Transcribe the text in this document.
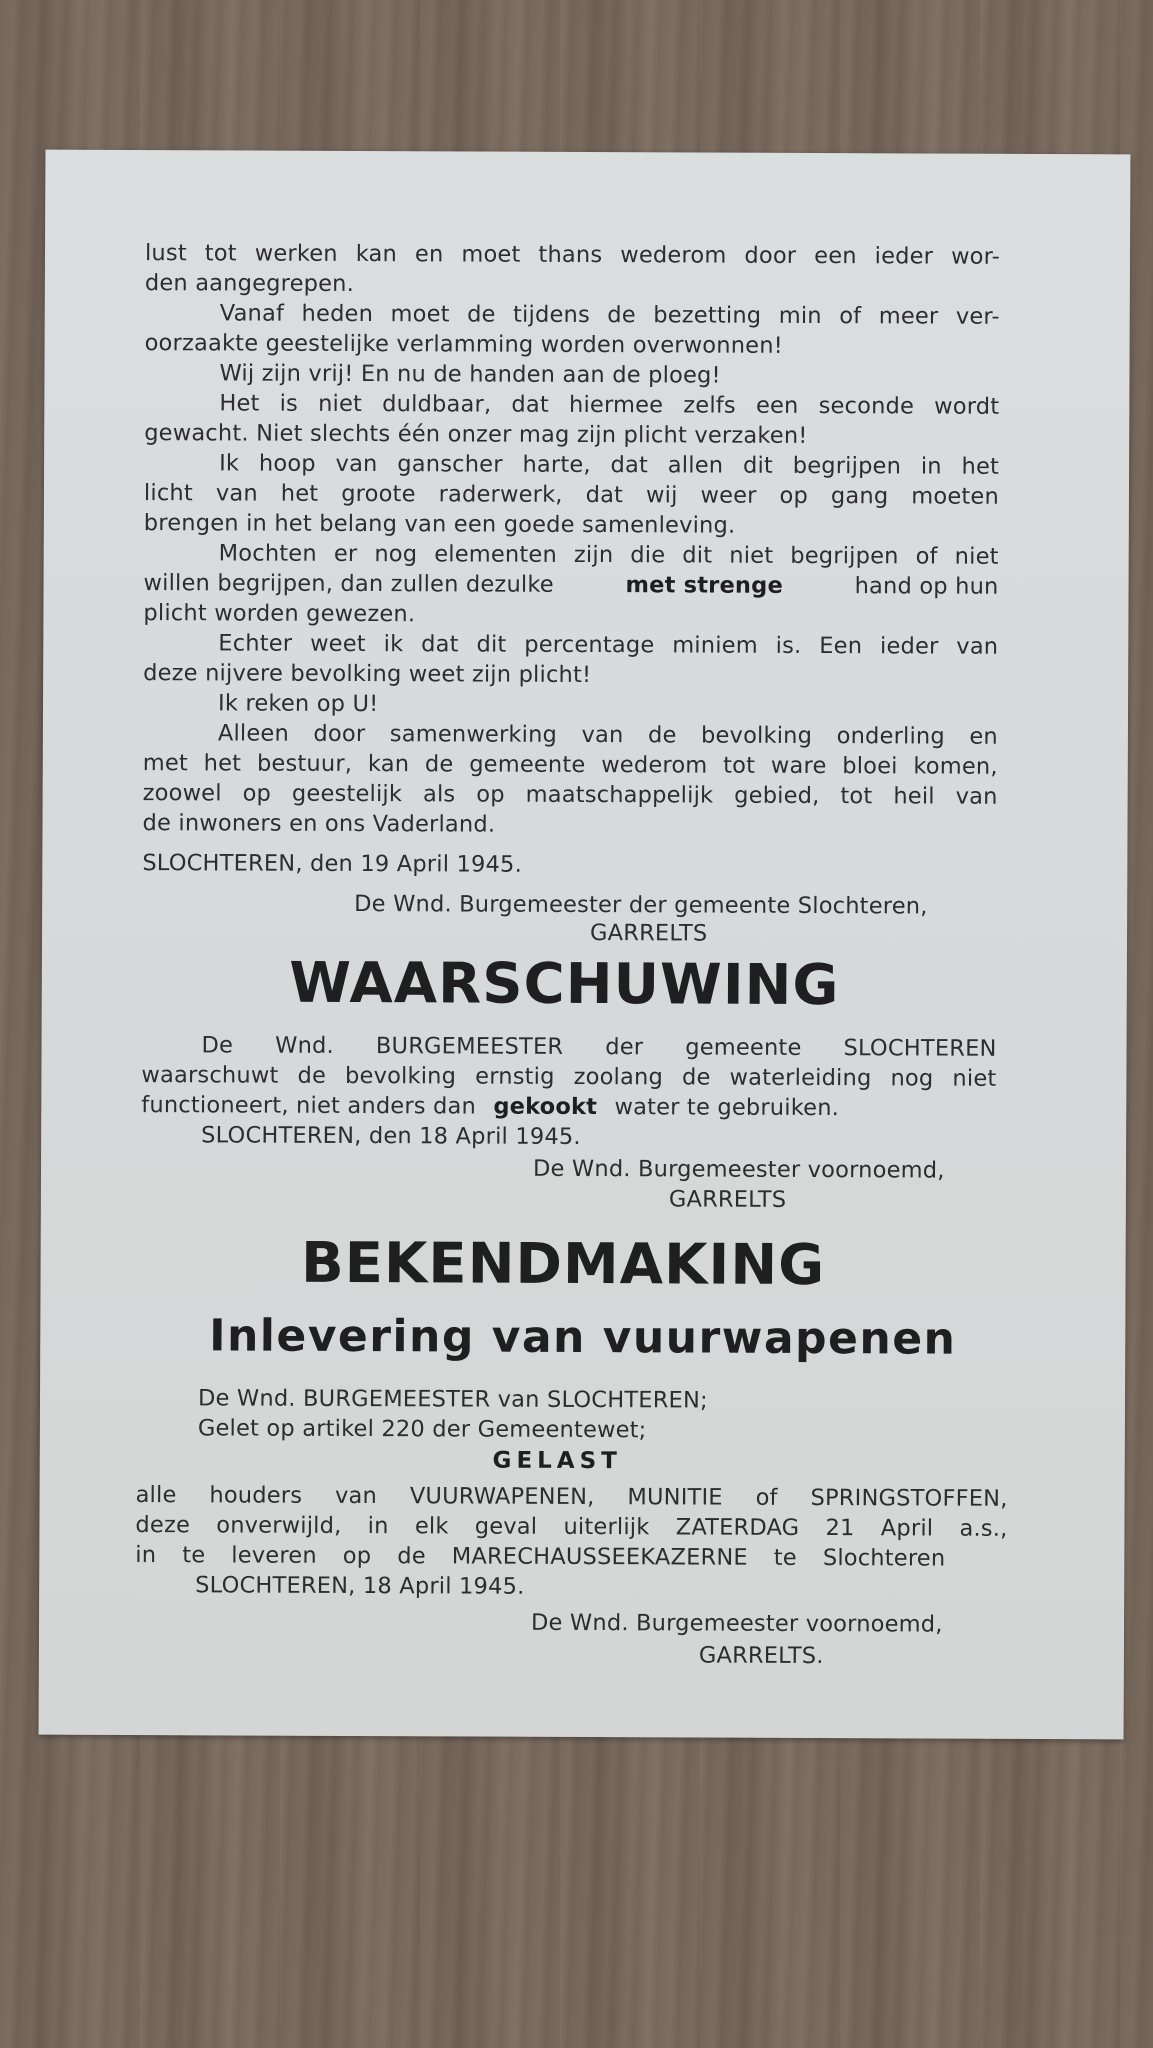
lust tot werken kan en moet thans wederom door een ieder wor-
den aangegrepen.
Vanaf heden moet de tijdens de bezetting min of meer ver-
oorzaakte geestelijke verlamming worden overwonnen!
Wij zijn vrij! En nu de handen aan de ploeg!
Het is niet duldbaar, dat hiermee zelfs een seconde wordt
gewacht. Niet slechts één onzer mag zijn plicht verzaken!
Ik hoop van ganscher harte, dat allen dit begrijpen in het
licht van het groote raderwerk, dat wij weer op gang moeten
brengen in het belang van een goede samenleving.
Mochten er nog elementen zijn die dit niet begrijpen of niet
willen begrijpen, dan zullen dezulke	met strenge	hand op hun
plicht worden gewezen.
Echter weet ik dat dit percentage miniem is. Een ieder van
deze nijvere bevolking weet zijn plicht!
Ik reken op U!
Alleen door samenwerking van de bevolking onderling en
met het bestuur, kan de gemeente wederom tot ware bloei komen,
zoowel op geestelijk als op maatschappelijk gebied, tot heil van
de inwoners en ons Vaderland.
SLOCHTEREN, den 19 April 1945.
De Wnd. Burgemeester der gemeente Slochteren,
GARRELTS
WAARSCHUWING
De Wnd. BURGEMEESTER der gemeente SLOCHTEREN
waarschuwt de bevolking ernstig zoolang de waterleiding nog niet
functioneert, niet anders dan gekookt water te gebruiken.
SLOCHTEREN, den 18 April 1945.
De Wnd. Burgemeester voornoemd,
GARRELTS
BEKENDMAKING
Inlevering van vuurwapenen
De Wnd. BURGEMEESTER van SLOCHTEREN;
Gelet op artikel 220 der Gemeentewet;
GELAST
alle houders van VUURWAPENEN, MUNITIE of SPRINGSTOFFEN,
deze onverwijld, in elk geval uiterlijk ZATERDAG 21 April a.s.,
in te leveren op de MARECHAUSSEEKAZERNE te Slochteren
SLOCHTEREN, 18 April 1945.
De Wnd. Burgemeester voornoemd,
GARRELTS.
